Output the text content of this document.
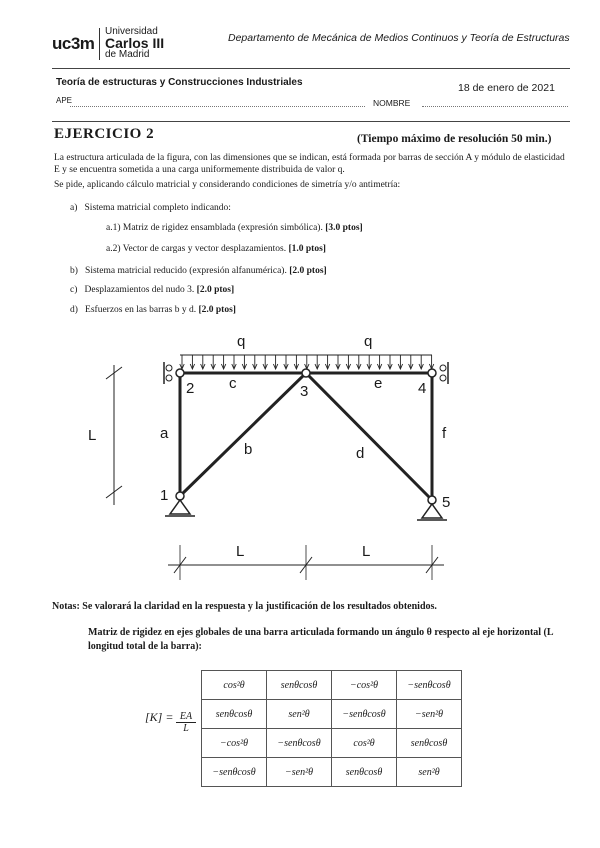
uc3m
Universidad
Carlos III
de Madrid
Departamento de Mecánica de Medios Continuos y Teoría de Estructuras
Teoría de estructuras y Construcciones Industriales	18 de enero de 2021
APE	NOMBRE
EJERCICIO 2	(Tiempo máximo de resolución 50 min.)
La estructura articulada de la figura, con las dimensiones que se indican, está formada por barras de sección A y módulo de elasticidad E y se encuentra sometida a una carga uniformemente distribuida de valor q.
Se pide, aplicando cálculo matricial y considerando condiciones de simetría y/o antimetría:
a) Sistema matricial completo indicando:
a.1) Matriz de rigidez ensamblada (expresión simbólica). [3.0 ptos]
a.2) Vector de cargas y vector desplazamientos. [1.0 ptos]
b) Sistema matricial reducido (expresión alfanumérica). [2.0 ptos]
c) Desplazamientos del nudo 3. [2.0 ptos]
d) Esfuerzos en las barras b y d. [2.0 ptos]
q	q
1
2	3	4
5
a
b
c
d
e
f
L
L	L
Notas: Se valorará la claridad en la respuesta y la justificación de los resultados obtenidos.
Matriz de rigidez en ejes globales de una barra articulada formando un ángulo θ respecto al eje horizontal (L longitud total de la barra):
$[K] = \frac{EA}{L}$
cos²θ	senθcosθ	−cos²θ	−senθcosθ
senθcosθ	sen²θ	−senθcosθ	−sen²θ
−cos²θ	−senθcosθ	cos²θ	senθcosθ
−senθcosθ	−sen²θ	senθcosθ	sen²θ
